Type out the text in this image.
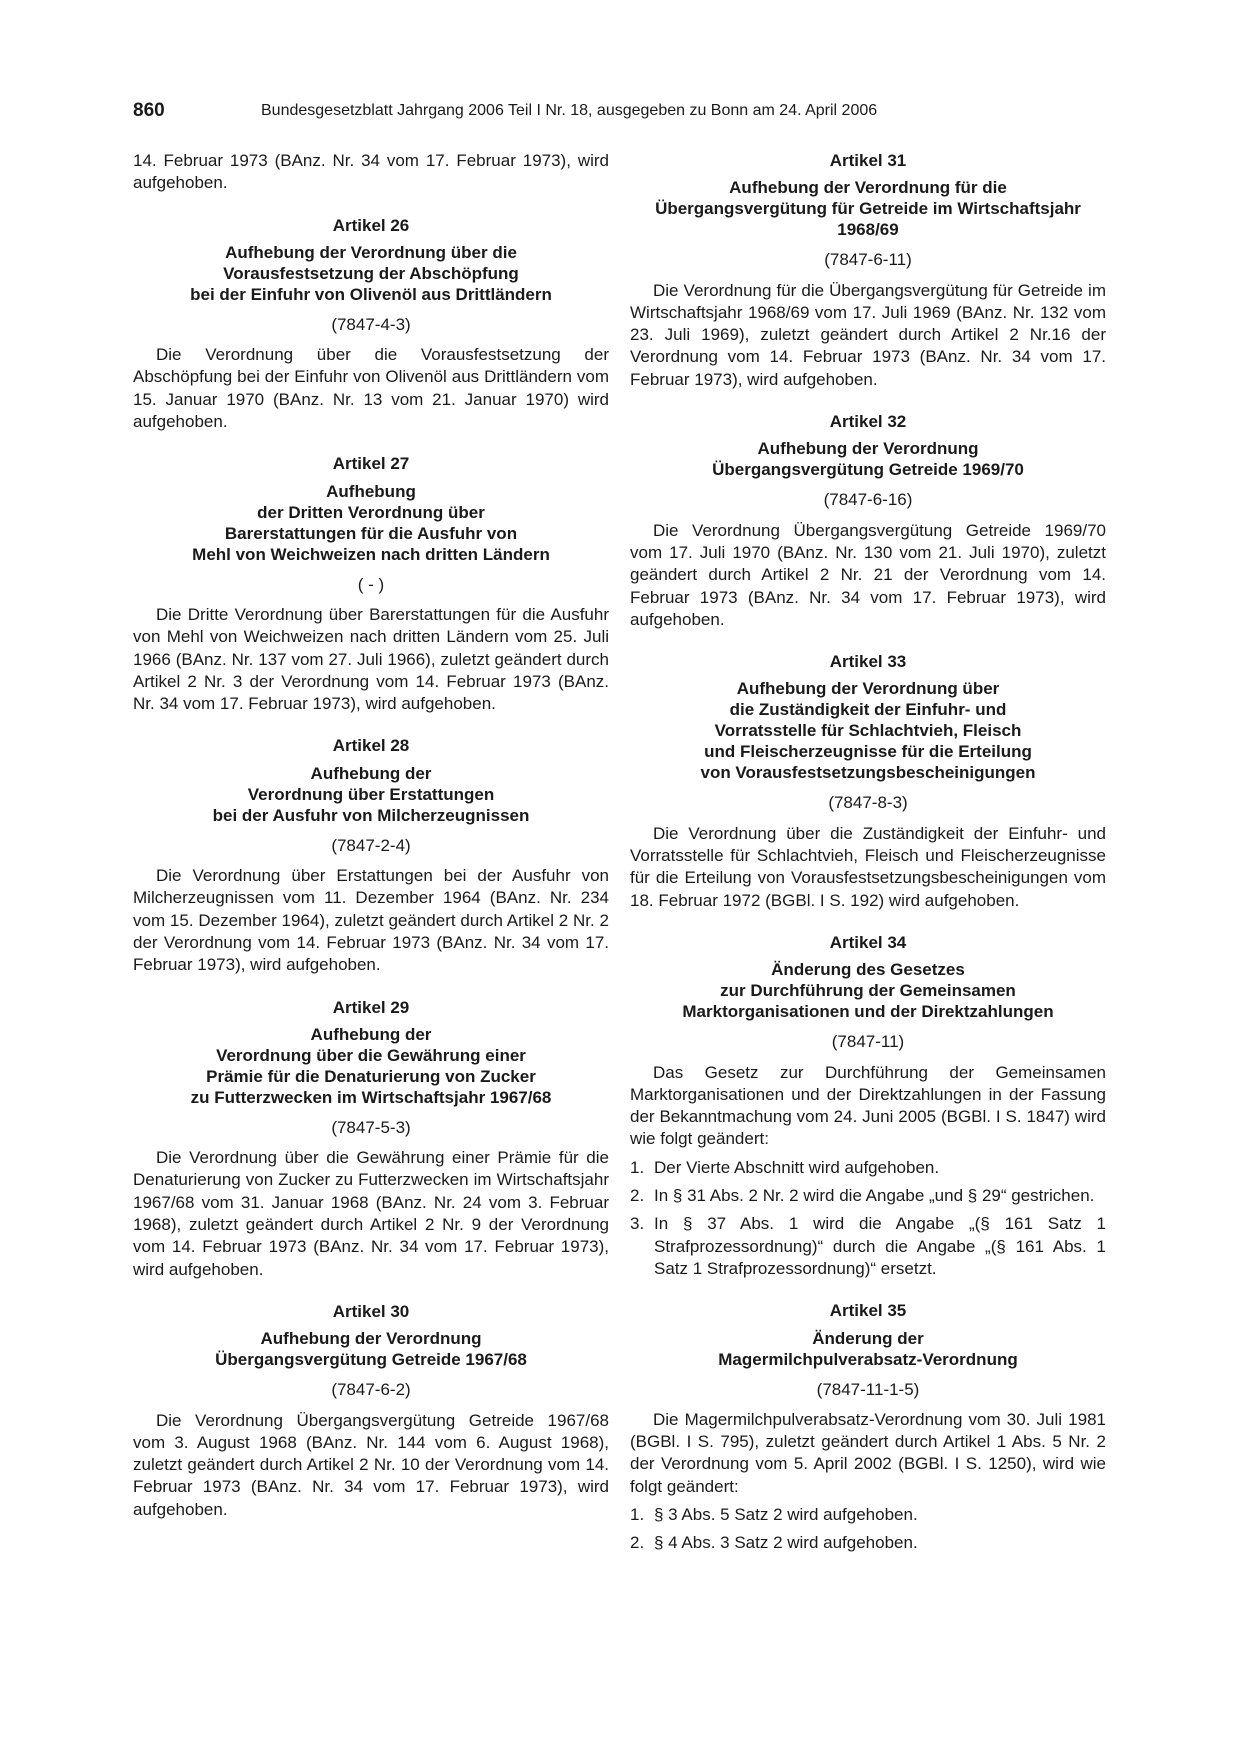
860	Bundesgesetzblatt Jahrgang 2006 Teil I Nr. 18, ausgegeben zu Bonn am 24. April 2006

14. Februar 1973 (BAnz. Nr. 34 vom 17. Februar 1973), wird aufgehoben.

Artikel 26

Aufhebung der Verordnung über die
Vorausfestsetzung der Abschöpfung
bei der Einfuhr von Olivenöl aus Drittländern

(7847-4-3)

Die Verordnung über die Vorausfestsetzung der Abschöpfung bei der Einfuhr von Olivenöl aus Drittländern vom 15. Januar 1970 (BAnz. Nr. 13 vom 21. Januar 1970) wird aufgehoben.

Artikel 27

Aufhebung
der Dritten Verordnung über
Barerstattungen für die Ausfuhr von
Mehl von Weichweizen nach dritten Ländern

( - )

Die Dritte Verordnung über Barerstattungen für die Ausfuhr von Mehl von Weichweizen nach dritten Ländern vom 25. Juli 1966 (BAnz. Nr. 137 vom 27. Juli 1966), zuletzt geändert durch Artikel 2 Nr. 3 der Verordnung vom 14. Februar 1973 (BAnz. Nr. 34 vom 17. Februar 1973), wird aufgehoben.

Artikel 28

Aufhebung der
Verordnung über Erstattungen
bei der Ausfuhr von Milcherzeugnissen

(7847-2-4)

Die Verordnung über Erstattungen bei der Ausfuhr von Milcherzeugnissen vom 11. Dezember 1964 (BAnz. Nr. 234 vom 15. Dezember 1964), zuletzt geändert durch Artikel 2 Nr. 2 der Verordnung vom 14. Februar 1973 (BAnz. Nr. 34 vom 17. Februar 1973), wird aufgehoben.

Artikel 29

Aufhebung der
Verordnung über die Gewährung einer
Prämie für die Denaturierung von Zucker
zu Futterzwecken im Wirtschaftsjahr 1967/68

(7847-5-3)

Die Verordnung über die Gewährung einer Prämie für die Denaturierung von Zucker zu Futterzwecken im Wirtschaftsjahr 1967/68 vom 31. Januar 1968 (BAnz. Nr. 24 vom 3. Februar 1968), zuletzt geändert durch Artikel 2 Nr. 9 der Verordnung vom 14. Februar 1973 (BAnz. Nr. 34 vom 17. Februar 1973), wird aufgehoben.

Artikel 30

Aufhebung der Verordnung
Übergangsvergütung Getreide 1967/68

(7847-6-2)

Die Verordnung Übergangsvergütung Getreide 1967/68 vom 3. August 1968 (BAnz. Nr. 144 vom 6. August 1968), zuletzt geändert durch Artikel 2 Nr. 10 der Verordnung vom 14. Februar 1973 (BAnz. Nr. 34 vom 17. Februar 1973), wird aufgehoben.

Artikel 31

Aufhebung der Verordnung für die
Übergangsvergütung für Getreide im Wirtschaftsjahr
1968/69

(7847-6-11)

Die Verordnung für die Übergangsvergütung für Getreide im Wirtschaftsjahr 1968/69 vom 17. Juli 1969 (BAnz. Nr. 132 vom 23. Juli 1969), zuletzt geändert durch Artikel 2 Nr.16 der Verordnung vom 14. Februar 1973 (BAnz. Nr. 34 vom 17. Februar 1973), wird aufgehoben.

Artikel 32

Aufhebung der Verordnung
Übergangsvergütung Getreide 1969/70

(7847-6-16)

Die Verordnung Übergangsvergütung Getreide 1969/70 vom 17. Juli 1970 (BAnz. Nr. 130 vom 21. Juli 1970), zuletzt geändert durch Artikel 2 Nr. 21 der Verordnung vom 14. Februar 1973 (BAnz. Nr. 34 vom 17. Februar 1973), wird aufgehoben.

Artikel 33

Aufhebung der Verordnung über
die Zuständigkeit der Einfuhr- und
Vorratsstelle für Schlachtvieh, Fleisch
und Fleischerzeugnisse für die Erteilung
von Vorausfestsetzungsbescheinigungen

(7847-8-3)

Die Verordnung über die Zuständigkeit der Einfuhr- und Vorratsstelle für Schlachtvieh, Fleisch und Fleischerzeugnisse für die Erteilung von Vorausfestsetzungsbescheinigungen vom 18. Februar 1972 (BGBl. I S. 192) wird aufgehoben.

Artikel 34

Änderung des Gesetzes
zur Durchführung der Gemeinsamen
Marktorganisationen und der Direktzahlungen

(7847-11)

Das Gesetz zur Durchführung der Gemeinsamen Marktorganisationen und der Direktzahlungen in der Fassung der Bekanntmachung vom 24. Juni 2005 (BGBl. I S. 1847) wird wie folgt geändert:

1. Der Vierte Abschnitt wird aufgehoben.
2. In § 31 Abs. 2 Nr. 2 wird die Angabe „und § 29“ gestrichen.
3. In § 37 Abs. 1 wird die Angabe „(§ 161 Satz 1 Strafprozessordnung)“ durch die Angabe „(§ 161 Abs. 1 Satz 1 Strafprozessordnung)“ ersetzt.

Artikel 35

Änderung der
Magermilchpulverabsatz-Verordnung

(7847-11-1-5)

Die Magermilchpulverabsatz-Verordnung vom 30. Juli 1981 (BGBl. I S. 795), zuletzt geändert durch Artikel 1 Abs. 5 Nr. 2 der Verordnung vom 5. April 2002 (BGBl. I S. 1250), wird wie folgt geändert:

1. § 3 Abs. 5 Satz 2 wird aufgehoben.
2. § 4 Abs. 3 Satz 2 wird aufgehoben.
